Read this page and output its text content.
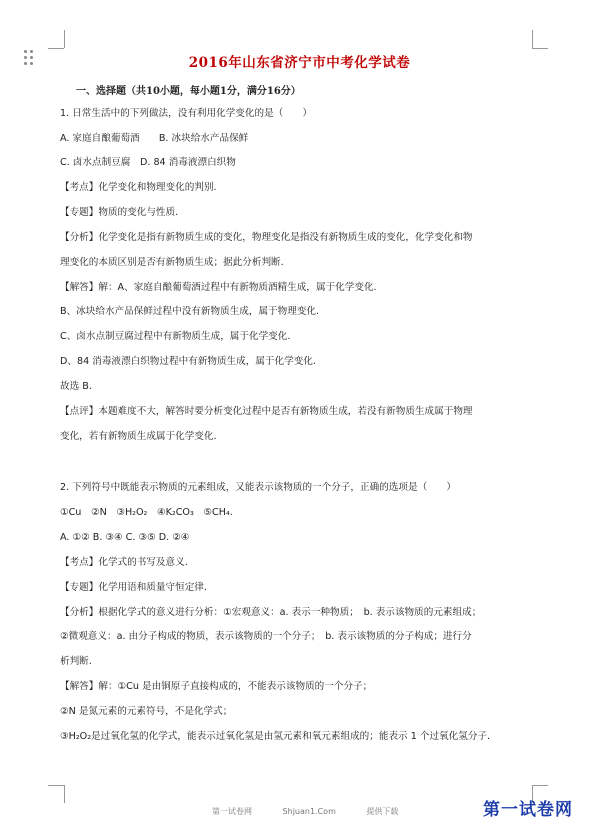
2016年山东省济宁市中考化学试卷
一、选择题（共10小题，每小题1分，满分16分）
1. 日常生活中的下列做法，没有利用化学变化的是（　　）
A. 家庭自酿葡萄酒　　B. 冰块给水产品保鲜
C. 卤水点制豆腐　D. 84 消毒液漂白织物
【考点】化学变化和物理变化的判别.
【专题】物质的变化与性质.
【分析】化学变化是指有新物质生成的变化，物理变化是指没有新物质生成的变化，化学变化和物
理变化的本质区别是否有新物质生成；据此分析判断.
【解答】解：A、家庭自酿葡萄酒过程中有新物质酒精生成，属于化学变化.
B、冰块给水产品保鲜过程中没有新物质生成，属于物理变化.
C、卤水点制豆腐过程中有新物质生成，属于化学变化.
D、84 消毒液漂白织物过程中有新物质生成，属于化学变化.
故选 B.
【点评】本题难度不大，解答时要分析变化过程中是否有新物质生成，若没有新物质生成属于物理
变化，若有新物质生成属于化学变化.
2. 下列符号中既能表示物质的元素组成，又能表示该物质的一个分子，正确的选项是（　　）
①Cu　②N　③H₂O₂　④K₂CO₃　⑤CH₄.
A. ①② B. ③④ C. ③⑤ D. ②④
【考点】化学式的书写及意义.
【专题】化学用语和质量守恒定律.
【分析】根据化学式的意义进行分析：①宏观意义：a. 表示一种物质；　b. 表示该物质的元素组成；
②微观意义：a. 由分子构成的物质，表示该物质的一个分子；　b. 表示该物质的分子构成；进行分
析判断.
【解答】解：①Cu 是由铜原子直接构成的，不能表示该物质的一个分子；
②N 是氮元素的元素符号，不是化学式；
③H₂O₂是过氧化氢的化学式，能表示过氧化氢是由氢元素和氧元素组成的；能表示 1 个过氧化氢分子.
第一试卷网	Shjuan1.Com	提供下载	第一试卷网
